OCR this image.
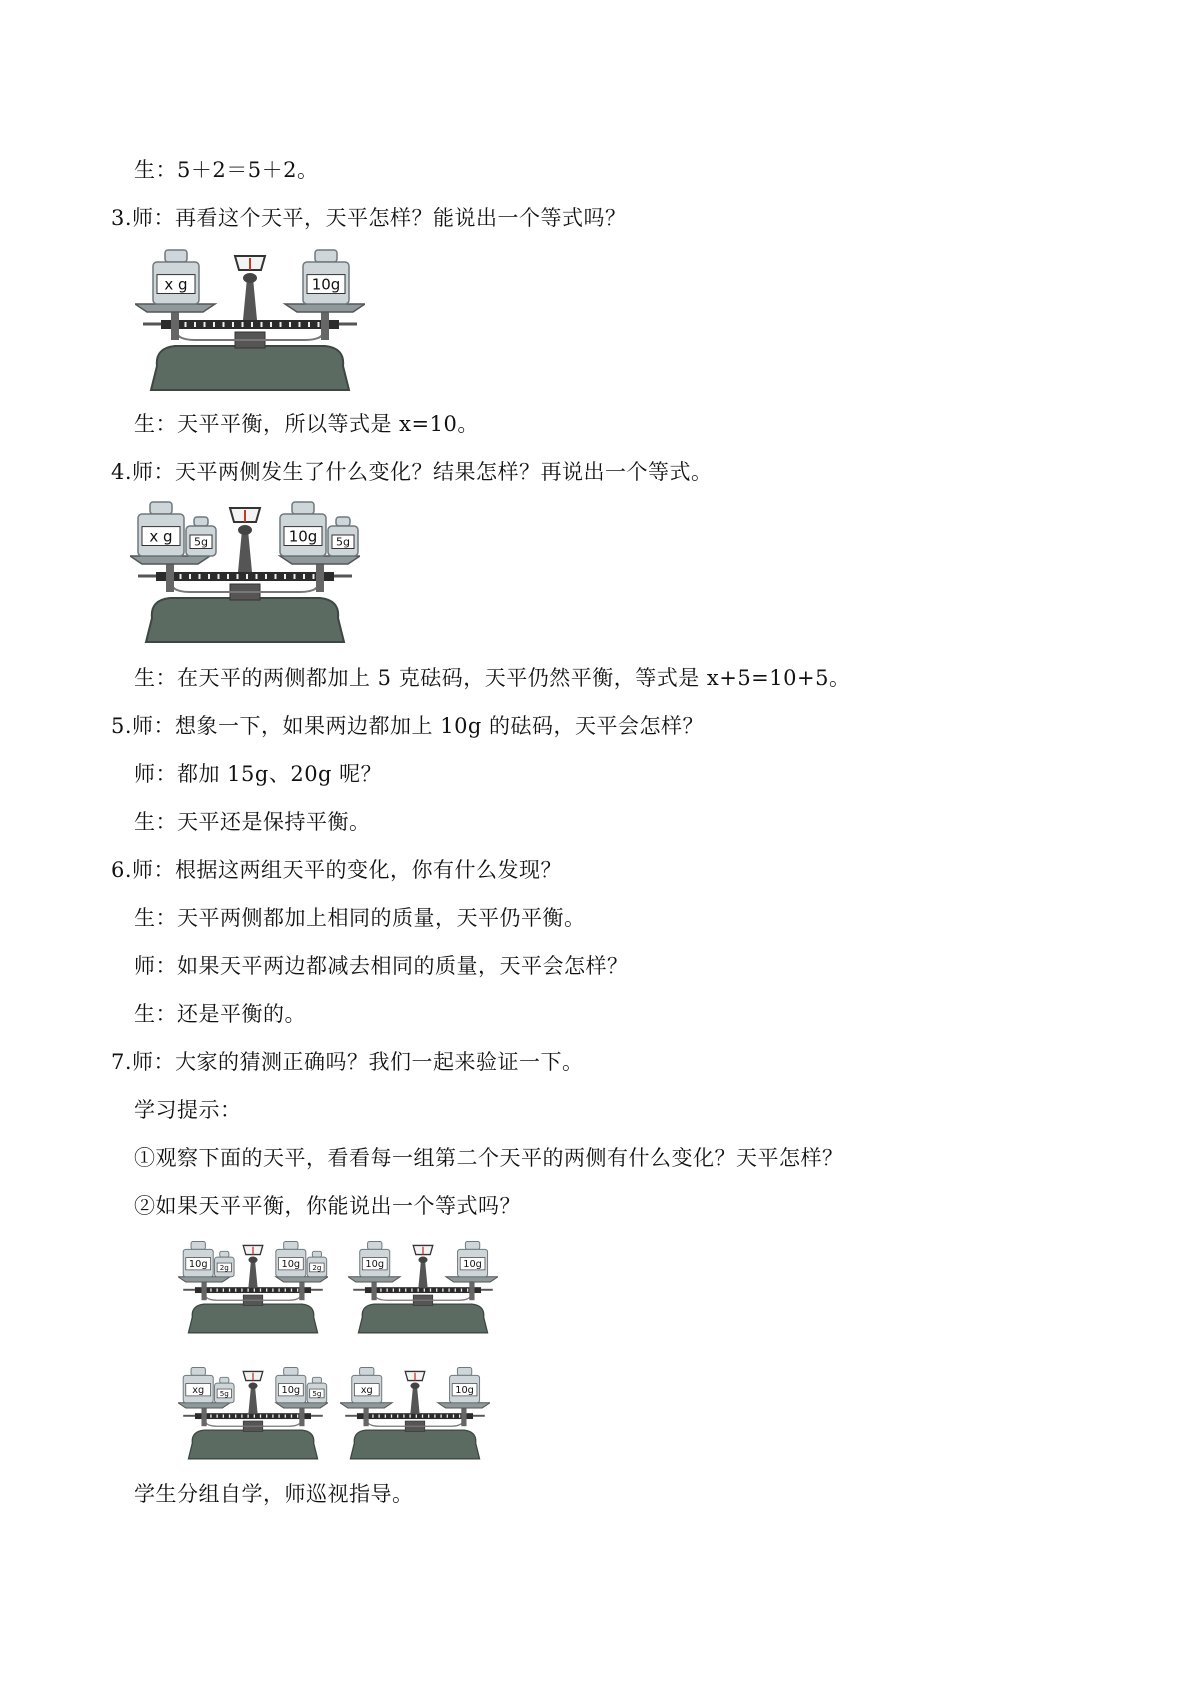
生：5＋2＝5＋2。
3.师：再看这个天平，天平怎样？能说出一个等式吗？
x g	10g
生：天平平衡，所以等式是 x=10。
4.师：天平两侧发生了什么变化？结果怎样？再说出一个等式。
x g 5g	10g 5g
生：在天平的两侧都加上 5 克砝码，天平仍然平衡，等式是 x+5=10+5。
5.师：想象一下，如果两边都加上 10g 的砝码，天平会怎样？
师：都加 15g、20g 呢？
生：天平还是保持平衡。
6.师：根据这两组天平的变化，你有什么发现？
生：天平两侧都加上相同的质量，天平仍平衡。
师：如果天平两边都减去相同的质量，天平会怎样？
生：还是平衡的。
7.师：大家的猜测正确吗？我们一起来验证一下。
学习提示：
①观察下面的天平，看看每一组第二个天平的两侧有什么变化？天平怎样？
②如果天平平衡，你能说出一个等式吗？
10g 2g	10g 2g	10g	10g
xg 5g	10g 5g	xg	10g
学生分组自学，师巡视指导。
